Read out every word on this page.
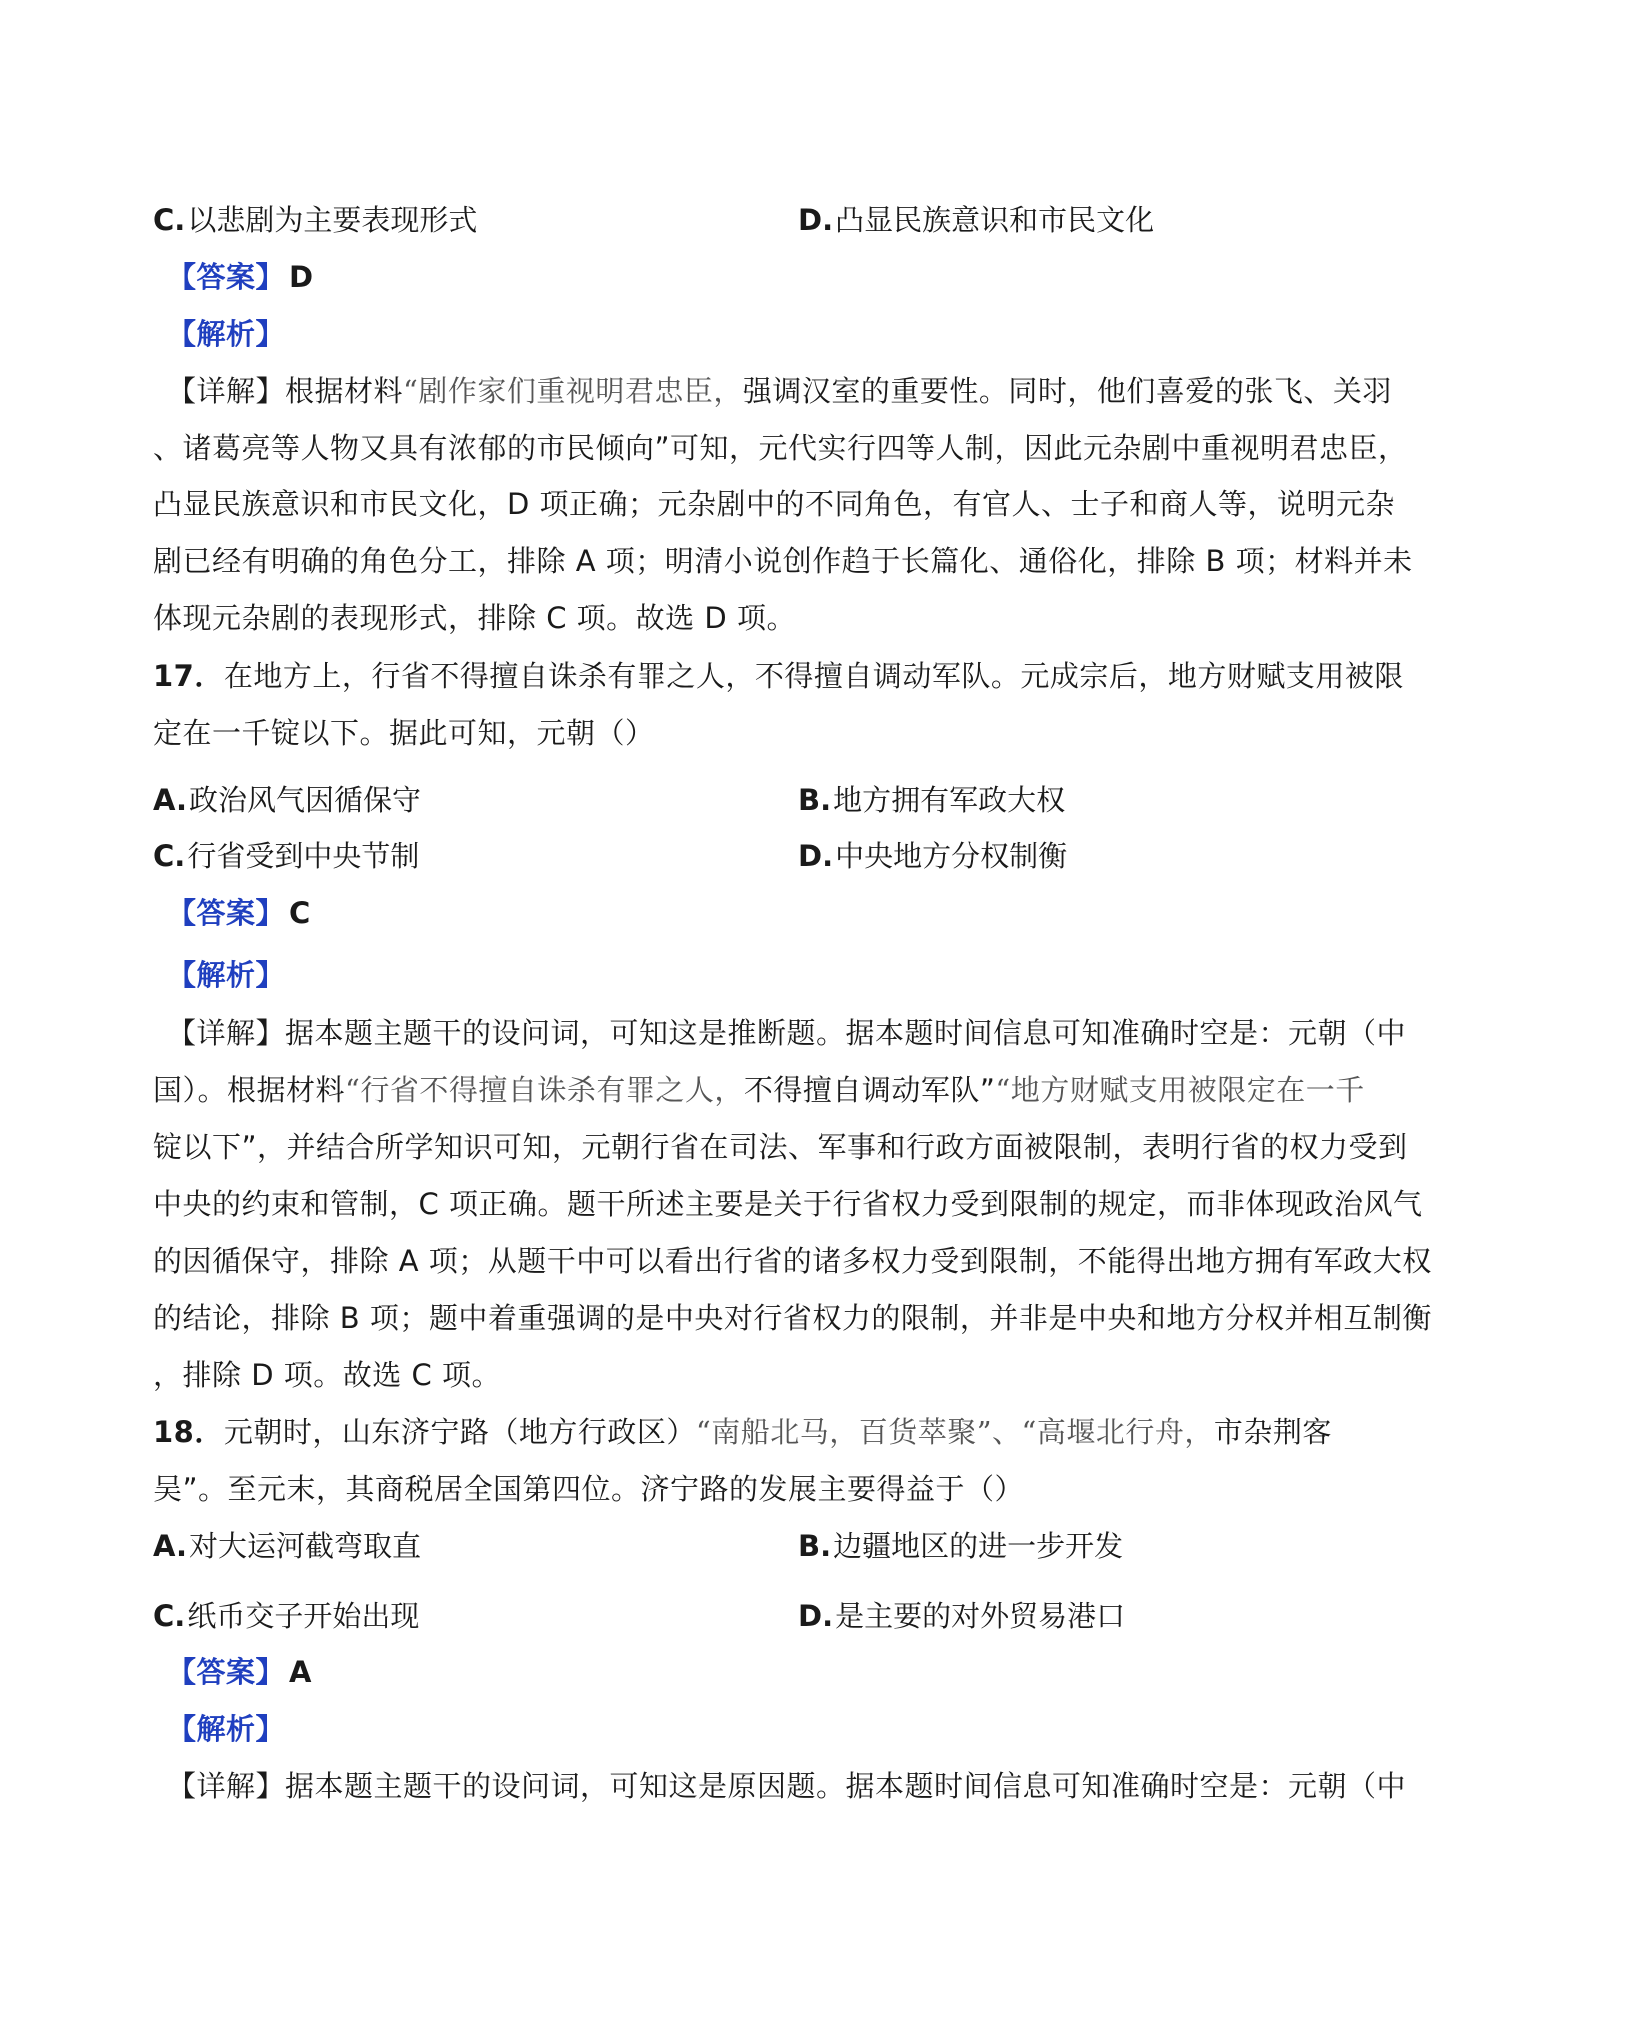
C.以悲剧为主要表现形式	D.凸显民族意识和市民文化
【答案】 D
【解析】
【详解】根据材料“剧作家们重视明君忠臣，强调汉室的重要性。同时，他们喜爱的张飞、关羽
、诸葛亮等人物又具有浓郁的市民倾向”可知，元代实行四等人制，因此元杂剧中重视明君忠臣，
凸显民族意识和市民文化，D 项正确；元杂剧中的不同角色，有官人、士子和商人等，说明元杂
剧已经有明确的角色分工，排除 A 项；明清小说创作趋于长篇化、通俗化，排除 B 项；材料并未
体现元杂剧的表现形式，排除 C 项。故选 D 项。
17．在地方上，行省不得擅自诛杀有罪之人，不得擅自调动军队。元成宗后，地方财赋支用被限
定在一千锭以下。据此可知，元朝（）
A.政治风气因循保守	B.地方拥有军政大权
C.行省受到中央节制	D.中央地方分权制衡
【答案】 C
【解析】
【详解】据本题主题干的设问词，可知这是推断题。据本题时间信息可知准确时空是：元朝（中
国）。根据材料“行省不得擅自诛杀有罪之人，不得擅自调动军队”“地方财赋支用被限定在一千
锭以下”，并结合所学知识可知，元朝行省在司法、军事和行政方面被限制，表明行省的权力受到
中央的约束和管制，C 项正确。题干所述主要是关于行省权力受到限制的规定，而非体现政治风气
的因循保守，排除 A 项；从题干中可以看出行省的诸多权力受到限制，不能得出地方拥有军政大权
的结论，排除 B 项；题中着重强调的是中央对行省权力的限制，并非是中央和地方分权并相互制衡
，排除 D 项。故选 C 项。
18．元朝时，山东济宁路（地方行政区）“南船北马，百货萃聚”、“高堰北行舟，市杂荆客
吴”。至元末，其商税居全国第四位。济宁路的发展主要得益于（）
A.对大运河截弯取直	B.边疆地区的进一步开发
C.纸币交子开始出现	D.是主要的对外贸易港口
【答案】 A
【解析】
【详解】据本题主题干的设问词，可知这是原因题。据本题时间信息可知准确时空是：元朝（中
